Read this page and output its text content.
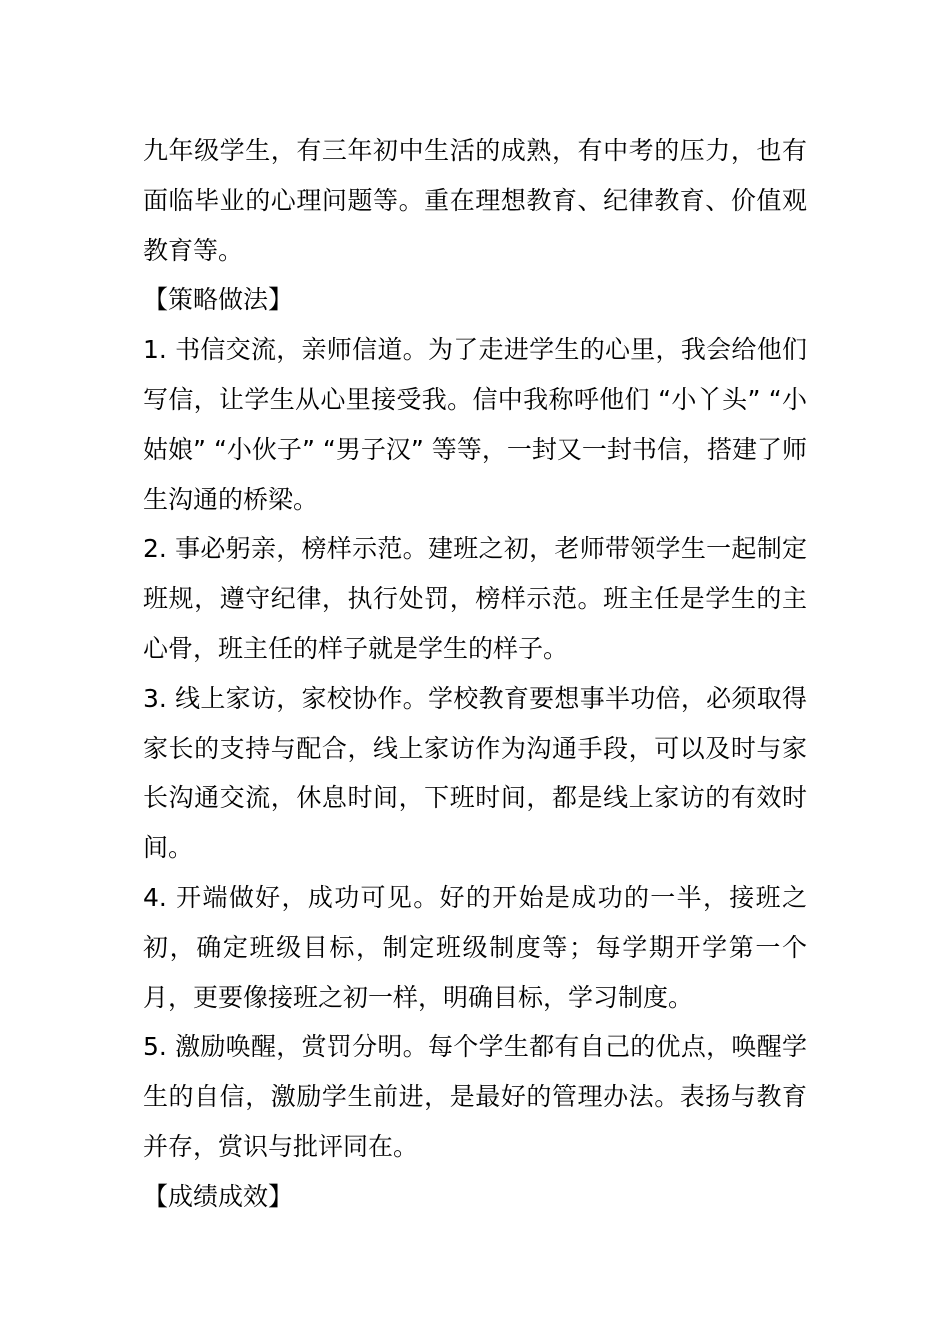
九年级学生，有三年初中生活的成熟，有中考的压力，也有面临毕业的心理问题等。重在理想教育、纪律教育、价值观教育等。

【策略做法】

1. 书信交流，亲师信道。为了走进学生的心里，我会给他们写信，让学生从心里接受我。信中我称呼他们 “小丫头” “小姑娘” “小伙子” “男子汉” 等等，一封又一封书信，搭建了师生沟通的桥梁。

2. 事必躬亲，榜样示范。建班之初，老师带领学生一起制定班规，遵守纪律，执行处罚，榜样示范。班主任是学生的主心骨，班主任的样子就是学生的样子。

3. 线上家访，家校协作。学校教育要想事半功倍，必须取得家长的支持与配合，线上家访作为沟通手段，可以及时与家长沟通交流，休息时间，下班时间，都是线上家访的有效时间。

4. 开端做好，成功可见。好的开始是成功的一半，接班之初，确定班级目标，制定班级制度等；每学期开学第一个月，更要像接班之初一样，明确目标，学习制度。

5. 激励唤醒，赏罚分明。每个学生都有自己的优点，唤醒学生的自信，激励学生前进，是最好的管理办法。表扬与教育并存，赏识与批评同在。

【成绩成效】
